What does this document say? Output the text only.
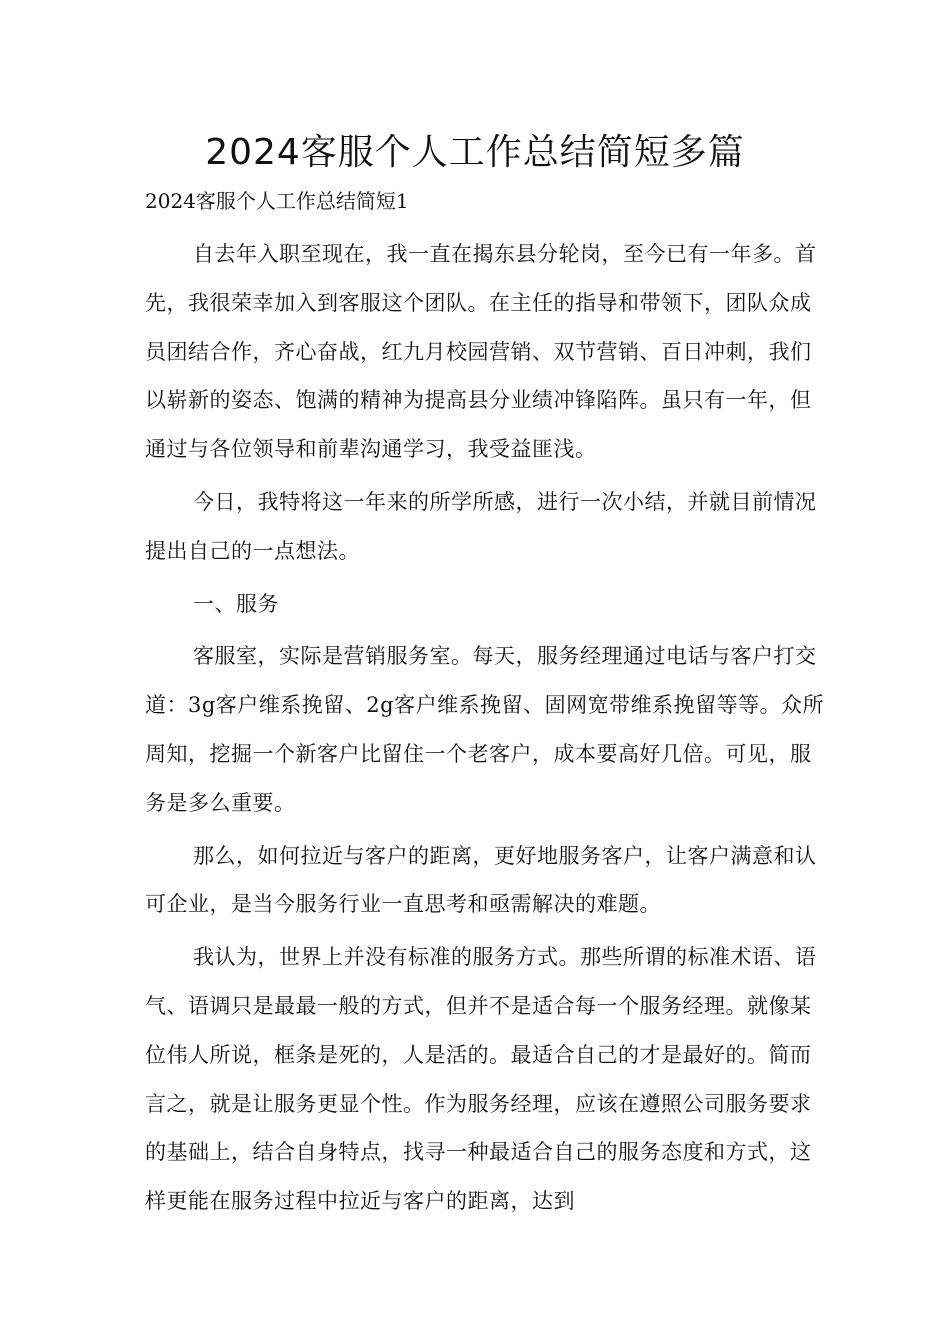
2024客服个人工作总结简短多篇
2024客服个人工作总结简短1

自去年入职至现在，我一直在揭东县分轮岗，至今已有一年多。首先，我很荣幸加入到客服这个团队。在主任的指导和带领下，团队众成员团结合作，齐心奋战，红九月校园营销、双节营销、百日冲刺，我们以崭新的姿态、饱满的精神为提高县分业绩冲锋陷阵。虽只有一年，但通过与各位领导和前辈沟通学习，我受益匪浅。

今日，我特将这一年来的所学所感，进行一次小结，并就目前情况提出自己的一点想法。

一、服务

客服室，实际是营销服务室。每天，服务经理通过电话与客户打交道：3g客户维系挽留、2g客户维系挽留、固网宽带维系挽留等等。众所周知，挖掘一个新客户比留住一个老客户，成本要高好几倍。可见，服务是多么重要。

那么，如何拉近与客户的距离，更好地服务客户，让客户满意和认可企业，是当今服务行业一直思考和亟需解决的难题。

我认为，世界上并没有标准的服务方式。那些所谓的标准术语、语气、语调只是最最一般的方式，但并不是适合每一个服务经理。就像某位伟人所说，框条是死的，人是活的。最适合自己的才是最好的。简而言之，就是让服务更显个性。作为服务经理，应该在遵照公司服务要求的基础上，结合自身特点，找寻一种最适合自己的服务态度和方式，这样更能在服务过程中拉近与客户的距离，达到
